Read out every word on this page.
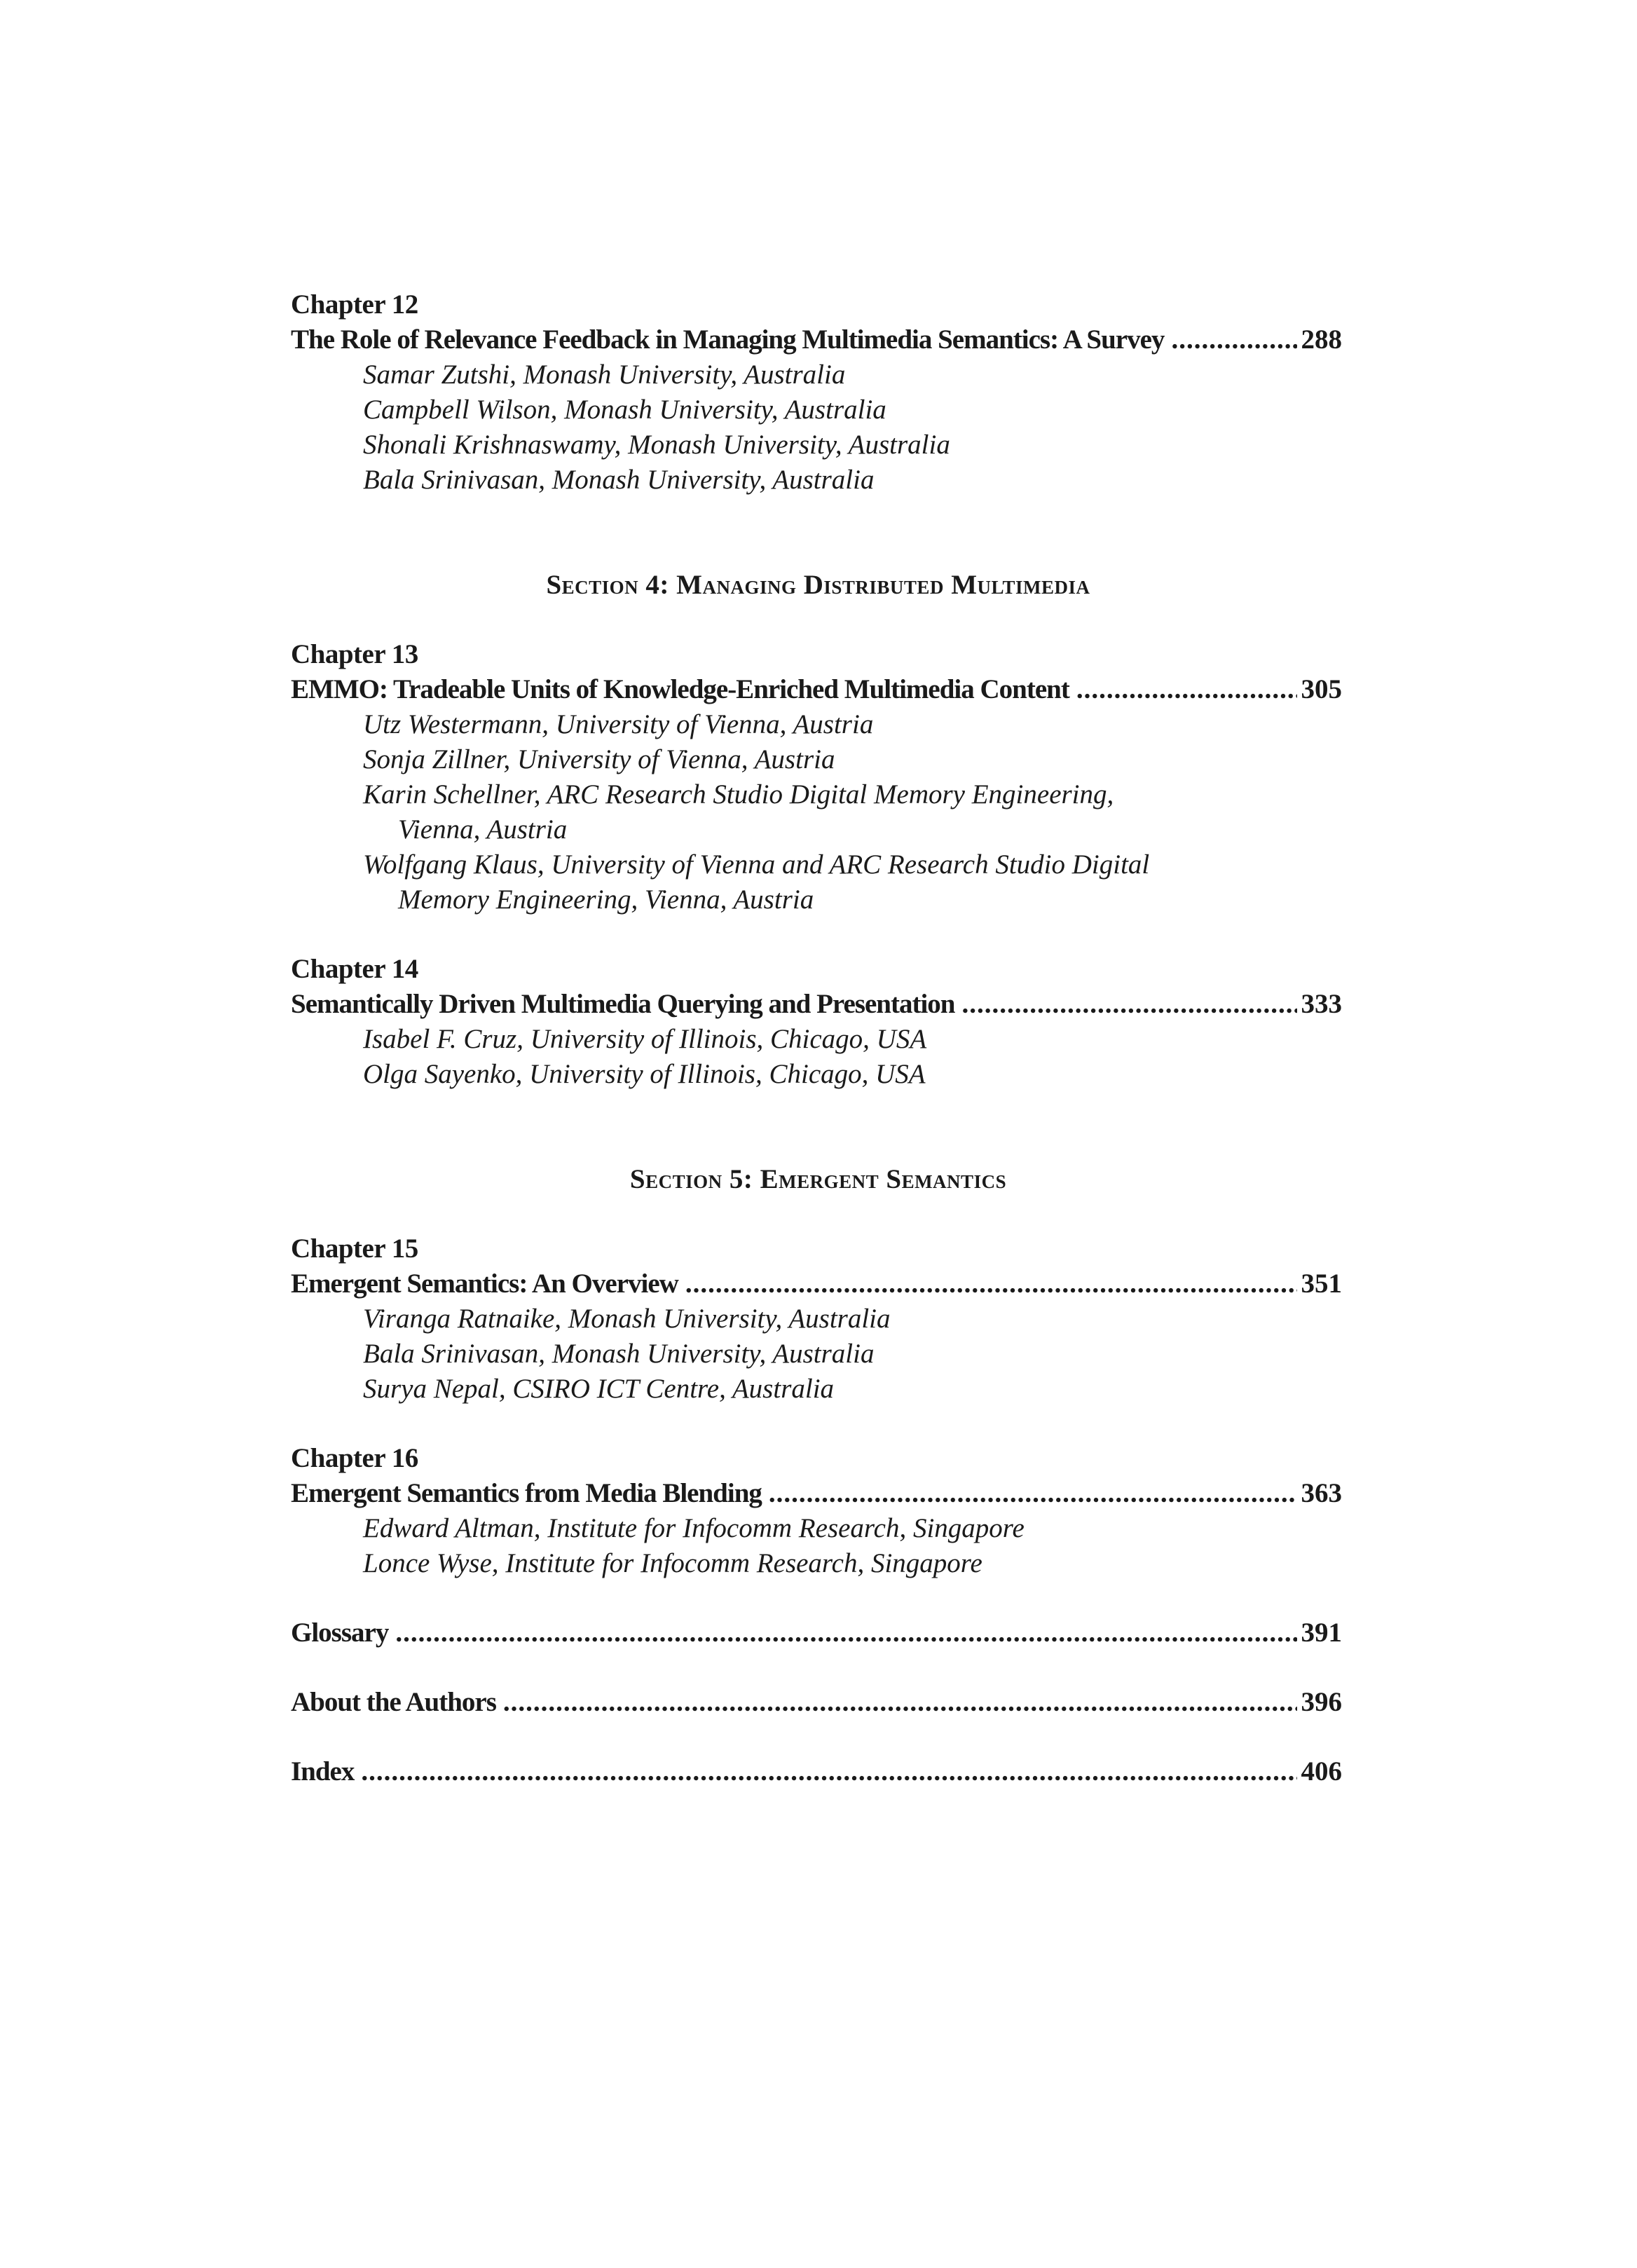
Chapter 12
The Role of Relevance Feedback in Managing Multimedia Semantics: A Survey .....	288
Samar Zutshi, Monash University, Australia
Campbell Wilson, Monash University, Australia
Shonali Krishnaswamy, Monash University, Australia
Bala Srinivasan, Monash University, Australia
Section 4: Managing Distributed Multimedia
Chapter 13
EMMO: Tradeable Units of Knowledge-Enriched Multimedia Content .....	305
Utz Westermann, University of Vienna, Austria
Sonja Zillner, University of Vienna, Austria
Karin Schellner, ARC Research Studio Digital Memory Engineering,
Vienna, Austria
Wolfgang Klaus, University of Vienna and ARC Research Studio Digital
Memory Engineering, Vienna, Austria
Chapter 14
Semantically Driven Multimedia Querying and Presentation .....	333
Isabel F. Cruz, University of Illinois, Chicago, USA
Olga Sayenko, University of Illinois, Chicago, USA
Section 5: Emergent Semantics
Chapter 15
Emergent Semantics: An Overview .....	351
Viranga Ratnaike, Monash University, Australia
Bala Srinivasan, Monash University, Australia
Surya Nepal, CSIRO ICT Centre, Australia
Chapter 16
Emergent Semantics from Media Blending .....	363
Edward Altman, Institute for Infocomm Research, Singapore
Lonce Wyse, Institute for Infocomm Research, Singapore
Glossary .....	391
About the Authors .....	396
Index .....	406
